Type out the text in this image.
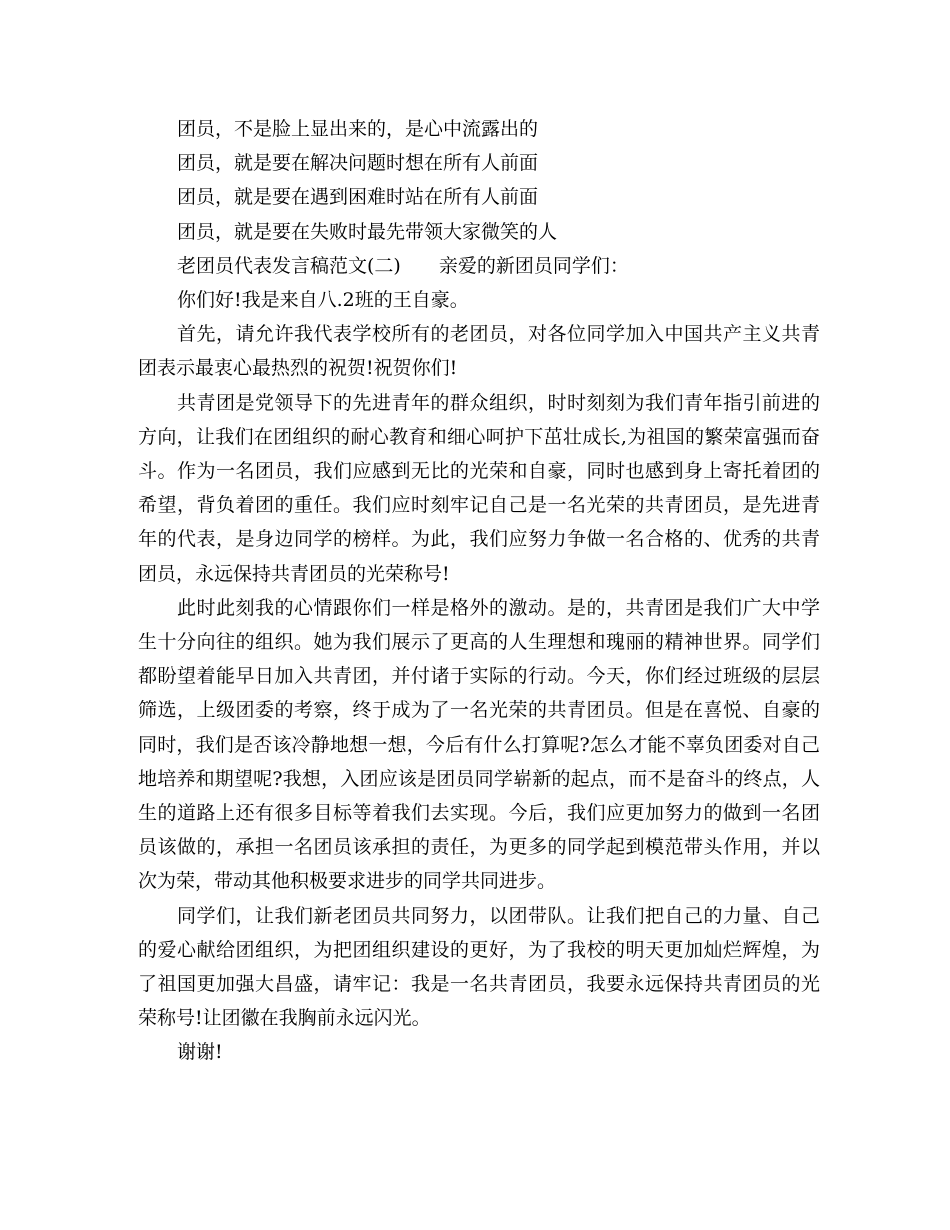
团员，不是脸上显出来的，是心中流露出的

团员，就是要在解决问题时想在所有人前面

团员，就是要在遇到困难时站在所有人前面

团员，就是要在失败时最先带领大家微笑的人

老团员代表发言稿范文(二) 亲爱的新团员同学们：

你们好!我是来自八.2班的王自豪。

首先，请允许我代表学校所有的老团员，对各位同学加入中国共产主义共青团表示最衷心最热烈的祝贺!祝贺你们!

共青团是党领导下的先进青年的群众组织，时时刻刻为我们青年指引前进的方向，让我们在团组织的耐心教育和细心呵护下茁壮成长,为祖国的繁荣富强而奋斗。作为一名团员，我们应感到无比的光荣和自豪，同时也感到身上寄托着团的希望，背负着团的重任。我们应时刻牢记自己是一名光荣的共青团员，是先进青年的代表，是身边同学的榜样。为此，我们应努力争做一名合格的、优秀的共青团员，永远保持共青团员的光荣称号!

此时此刻我的心情跟你们一样是格外的激动。是的，共青团是我们广大中学生十分向往的组织。她为我们展示了更高的人生理想和瑰丽的精神世界。同学们都盼望着能早日加入共青团，并付诸于实际的行动。今天，你们经过班级的层层筛选，上级团委的考察，终于成为了一名光荣的共青团员。但是在喜悦、自豪的同时，我们是否该冷静地想一想，今后有什么打算呢?怎么才能不辜负团委对自己地培养和期望呢?我想，入团应该是团员同学崭新的起点，而不是奋斗的终点，人生的道路上还有很多目标等着我们去实现。今后，我们应更加努力的做到一名团员该做的，承担一名团员该承担的责任，为更多的同学起到模范带头作用，并以次为荣，带动其他积极要求进步的同学共同进步。

同学们，让我们新老团员共同努力，以团带队。让我们把自己的力量、自己的爱心献给团组织，为把团组织建设的更好，为了我校的明天更加灿烂辉煌，为了祖国更加强大昌盛，请牢记：我是一名共青团员，我要永远保持共青团员的光荣称号!让团徽在我胸前永远闪光。

谢谢!
